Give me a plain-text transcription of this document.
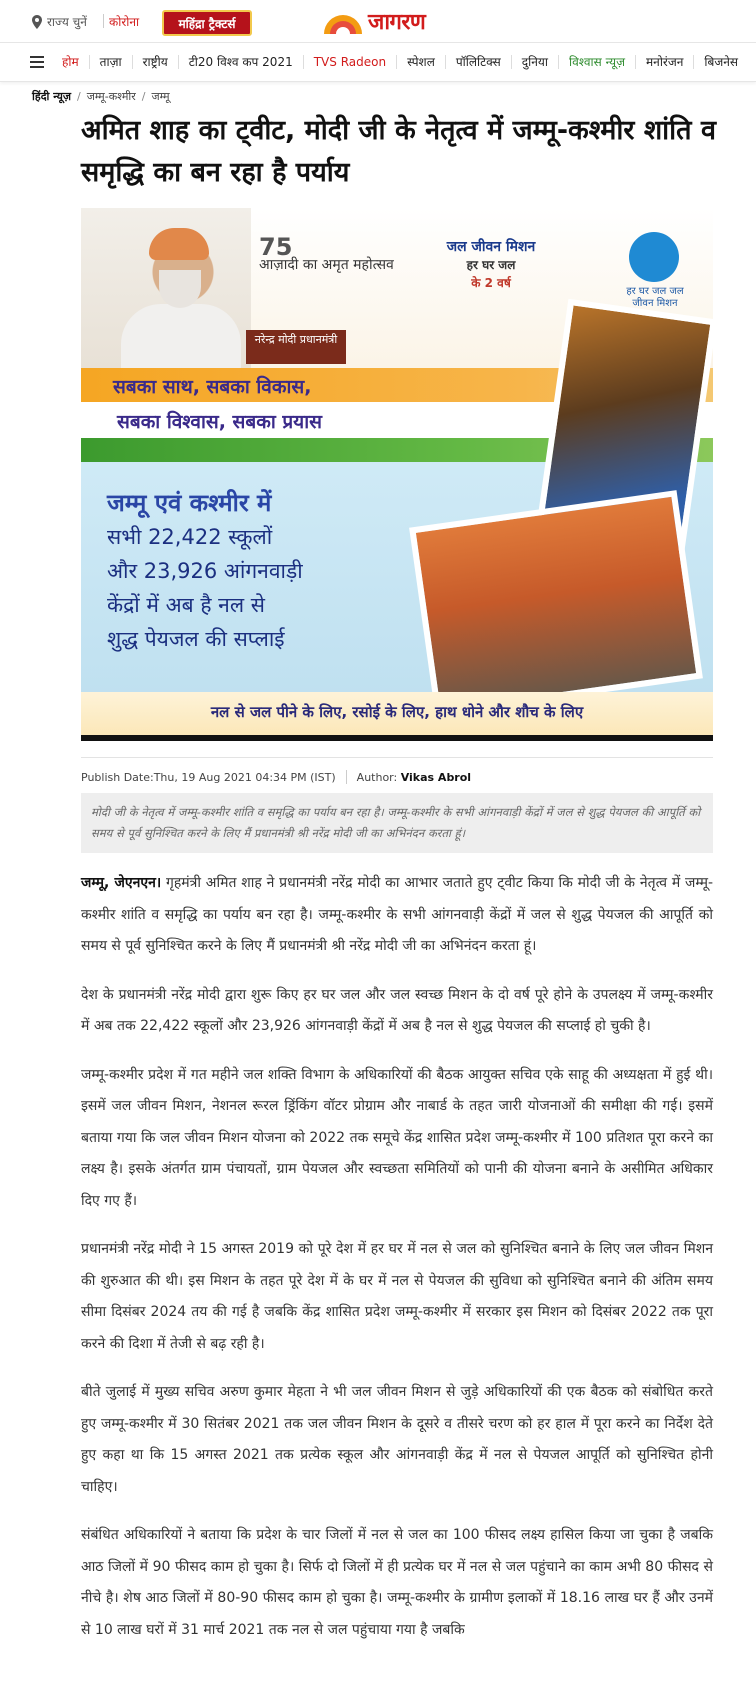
राज्य चुनें कोरोना	महिंद्रा ट्रैक्टर्स	जागरण
होम	ताज़ा	राष्ट्रीय	टी20 विश्व कप 2021	TVS Radeon	स्पेशल	पॉलिटिक्स	दुनिया	विश्वास न्यूज़	मनोरंजन	बिजनेस
हिंदी न्यूज़ / जम्मू-कश्मीर / जम्मू
अमित शाह का ट्वीट, मोदी जी के नेतृत्व में जम्मू-कश्मीर शांति व समृद्धि का बन रहा है पर्याय
75
आज़ादी का अमृत महोत्सव
जल जीवन मिशन
हर घर जल
के 2 वर्ष
हर घर जल जल जीवन मिशन
नरेन्द्र मोदी प्रधानमंत्री
सबका साथ, सबका विकास,
सबका विश्वास, सबका प्रयास
जम्मू एवं कश्मीर में
सभी 22,422 स्कूलों
और 23,926 आंगनवाड़ी
केंद्रों में अब है नल से
शुद्ध पेयजल की सप्लाई
नल से जल पीने के लिए, रसोई के लिए, हाथ धोने और शौच के लिए
Publish Date:Thu, 19 Aug 2021 04:34 PM (IST) Author:
Vikas Abrol
मोदी जी के नेतृत्व में जम्मू-कश्मीर शांति व समृद्धि का पर्याय बन रहा है। जम्मू-कश्मीर के सभी आंगनवाड़ी केंद्रों में जल से शुद्ध पेयजल की आपूर्ति को समय से पूर्व सुनिश्चित करने के लिए मैं प्रधानमंत्री श्री नरेंद्र मोदी जी का अभिनंदन करता हूं।

जम्मू, जेएनएन। गृहमंत्री अमित शाह ने प्रधानमंत्री नरेंद्र मोदी का आभार जताते हुए ट्वीट किया कि मोदी जी के नेतृत्व में जम्मू-कश्मीर शांति व समृद्धि का पर्याय बन रहा है। जम्मू-कश्मीर के सभी आंगनवाड़ी केंद्रों में जल से शुद्ध पेयजल की आपूर्ति को समय से पूर्व सुनिश्चित करने के लिए मैं प्रधानमंत्री श्री नरेंद्र मोदी जी का अभिनंदन करता हूं।

देश के प्रधानमंत्री नरेंद्र मोदी द्वारा शुरू किए हर घर जल और जल स्वच्छ मिशन के दो वर्ष पूरे होने के उपलक्ष्य में जम्मू-कश्मीर में अब तक 22,422 स्कूलों और 23,926 आंगनवाड़ी केंद्रों में अब है नल से शुद्ध पेयजल की सप्लाई हो चुकी है।

जम्मू-कश्मीर प्रदेश में गत महीने जल शक्ति विभाग के अधिकारियों की बैठक आयुक्त सचिव एके साहू की अध्यक्षता में हुई थी। इसमें जल जीवन मिशन, नेशनल रूरल ड्रिंकिंग वॉटर प्रोग्राम और नाबार्ड के तहत जारी योजनाओं की समीक्षा की गई। इसमें बताया गया कि जल जीवन मिशन योजना को 2022 तक समूचे केंद्र शासित प्रदेश जम्मू-कश्मीर में 100 प्रतिशत पूरा करने का लक्ष्य है। इसके अंतर्गत ग्राम पंचायतों, ग्राम पेयजल और स्वच्छता समितियों को पानी की योजना बनाने के असीमित अधिकार दिए गए हैं।

प्रधानमंत्री नरेंद्र मोदी ने 15 अगस्त 2019 को पूरे देश में हर घर में नल से जल को सुनिश्चित बनाने के लिए जल जीवन मिशन की शुरुआत की थी। इस मिशन के तहत पूरे देश में के घर में नल से पेयजल की सुविधा को सुनिश्चित बनाने की अंतिम समय सीमा दिसंबर 2024 तय की गई है जबकि केंद्र शासित प्रदेश जम्मू-कश्मीर में सरकार इस मिशन को दिसंबर 2022 तक पूरा करने की दिशा में तेजी से बढ़ रही है।

बीते जुलाई में मुख्य सचिव अरुण कुमार मेहता ने भी जल जीवन मिशन से जुड़े अधिकारियों की एक बैठक को संबोधित करते हुए जम्मू-कश्मीर में 30 सितंबर 2021 तक जल जीवन मिशन के दूसरे व तीसरे चरण को हर हाल में पूरा करने का निर्देश देते हुए कहा था कि 15 अगस्त 2021 तक प्रत्येक स्कूल और आंगनवाड़ी केंद्र में नल से पेयजल आपूर्ति को सुनिश्चित होनी चाहिए।

संबंधित अधिकारियों ने बताया कि प्रदेश के चार जिलों में नल से जल का 100 फीसद लक्ष्य हासिल किया जा चुका है जबकि आठ जिलों में 90 फीसद काम हो चुका है। सिर्फ दो जिलों में ही प्रत्येक घर में नल से जल पहुंचाने का काम अभी 80 फीसद से नीचे है। शेष आठ जिलों में 80-90 फीसद काम हो चुका है। जम्मू-कश्मीर के ग्रामीण इलाकों में 18.16 लाख घर हैं और उनमें से 10 लाख घरों में 31 मार्च 2021 तक नल से जल पहुंचाया गया है जबकि
